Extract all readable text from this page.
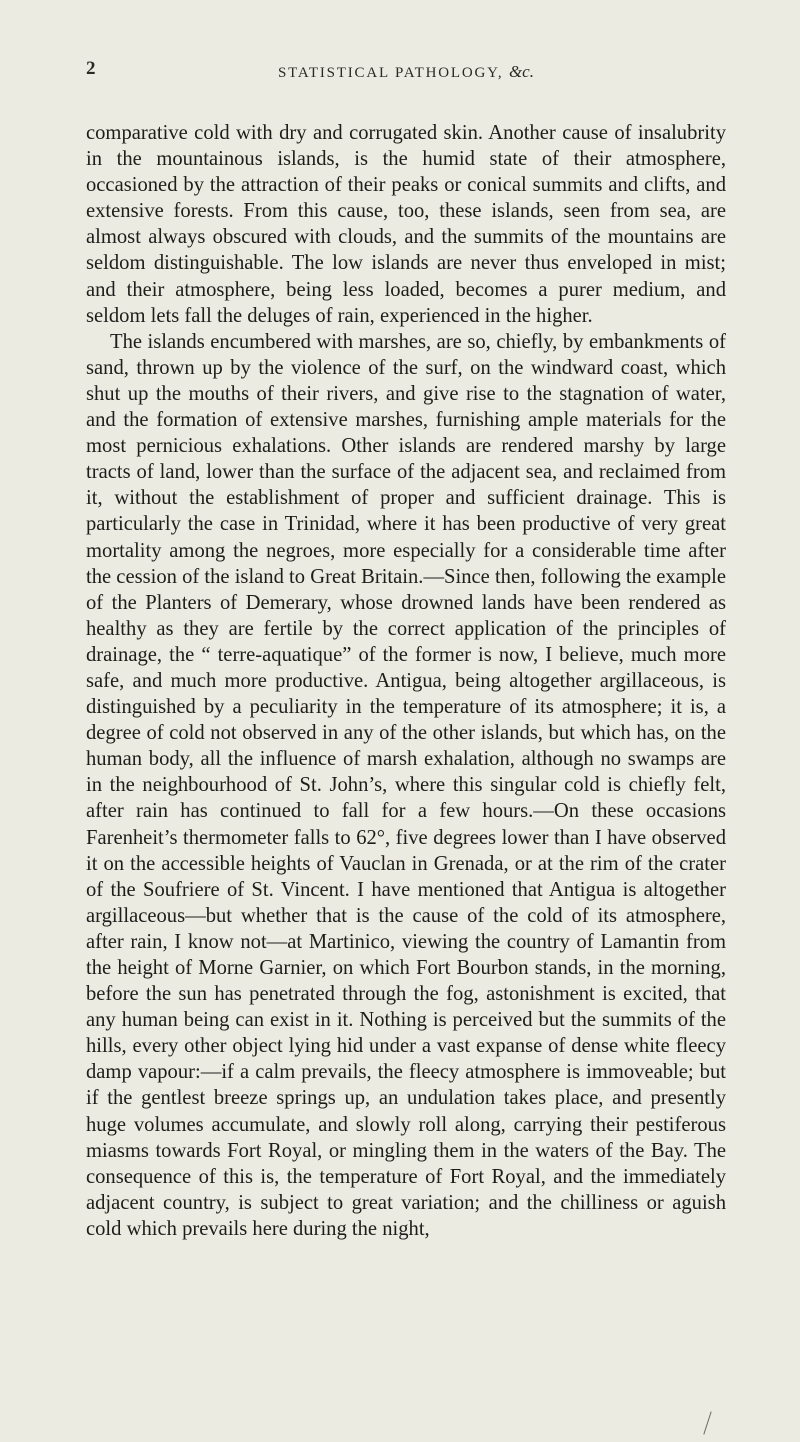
2	STATISTICAL PATHOLOGY, &c.

comparative cold with dry and corrugated skin. Another cause of insalubrity in the mountainous islands, is the humid state of their atmosphere, occasioned by the attraction of their peaks or conical summits and clifts, and extensive forests. From this cause, too, these islands, seen from sea, are almost always obscured with clouds, and the summits of the mountains are seldom distinguishable. The low islands are never thus enveloped in mist; and their atmosphere, being less loaded, becomes a purer medium, and seldom lets fall the deluges of rain, experienced in the higher.

The islands encumbered with marshes, are so, chiefly, by embankments of sand, thrown up by the violence of the surf, on the windward coast, which shut up the mouths of their rivers, and give rise to the stagnation of water, and the formation of extensive marshes, furnishing ample materials for the most pernicious exhalations. Other islands are rendered marshy by large tracts of land, lower than the surface of the adjacent sea, and reclaimed from it, without the establishment of proper and sufficient drainage. This is particularly the case in Trinidad, where it has been productive of very great mortality among the negroes, more especially for a considerable time after the cession of the island to Great Britain.—Since then, following the example of the Planters of Demerary, whose drowned lands have been rendered as healthy as they are fertile by the correct application of the principles of drainage, the “ terre-aquatique” of the former is now, I believe, much more safe, and much more productive. Antigua, being altogether argillaceous, is distinguished by a peculiarity in the temperature of its atmosphere; it is, a degree of cold not observed in any of the other islands, but which has, on the human body, all the influence of marsh exhalation, although no swamps are in the neighbourhood of St. John’s, where this singular cold is chiefly felt, after rain has continued to fall for a few hours.—On these occasions Farenheit’s thermometer falls to 62°, five degrees lower than I have observed it on the accessible heights of Vauclan in Grenada, or at the rim of the crater of the Soufriere of St. Vincent. I have mentioned that Antigua is altogether argillaceous—but whether that is the cause of the cold of its atmosphere, after rain, I know not—at Martinico, viewing the country of Lamantin from the height of Morne Garnier, on which Fort Bourbon stands, in the morning, before the sun has penetrated through the fog, astonishment is excited, that any human being can exist in it. Nothing is perceived but the summits of the hills, every other object lying hid under a vast expanse of dense white fleecy damp vapour:—if a calm prevails, the fleecy atmosphere is immoveable; but if the gentlest breeze springs up, an undulation takes place, and presently huge volumes accumulate, and slowly roll along, carrying their pestiferous miasms towards Fort Royal, or mingling them in the waters of the Bay. The consequence of this is, the temperature of Fort Royal, and the immediately adjacent country, is subject to great variation; and the chilliness or aguish cold which prevails here during the night,
